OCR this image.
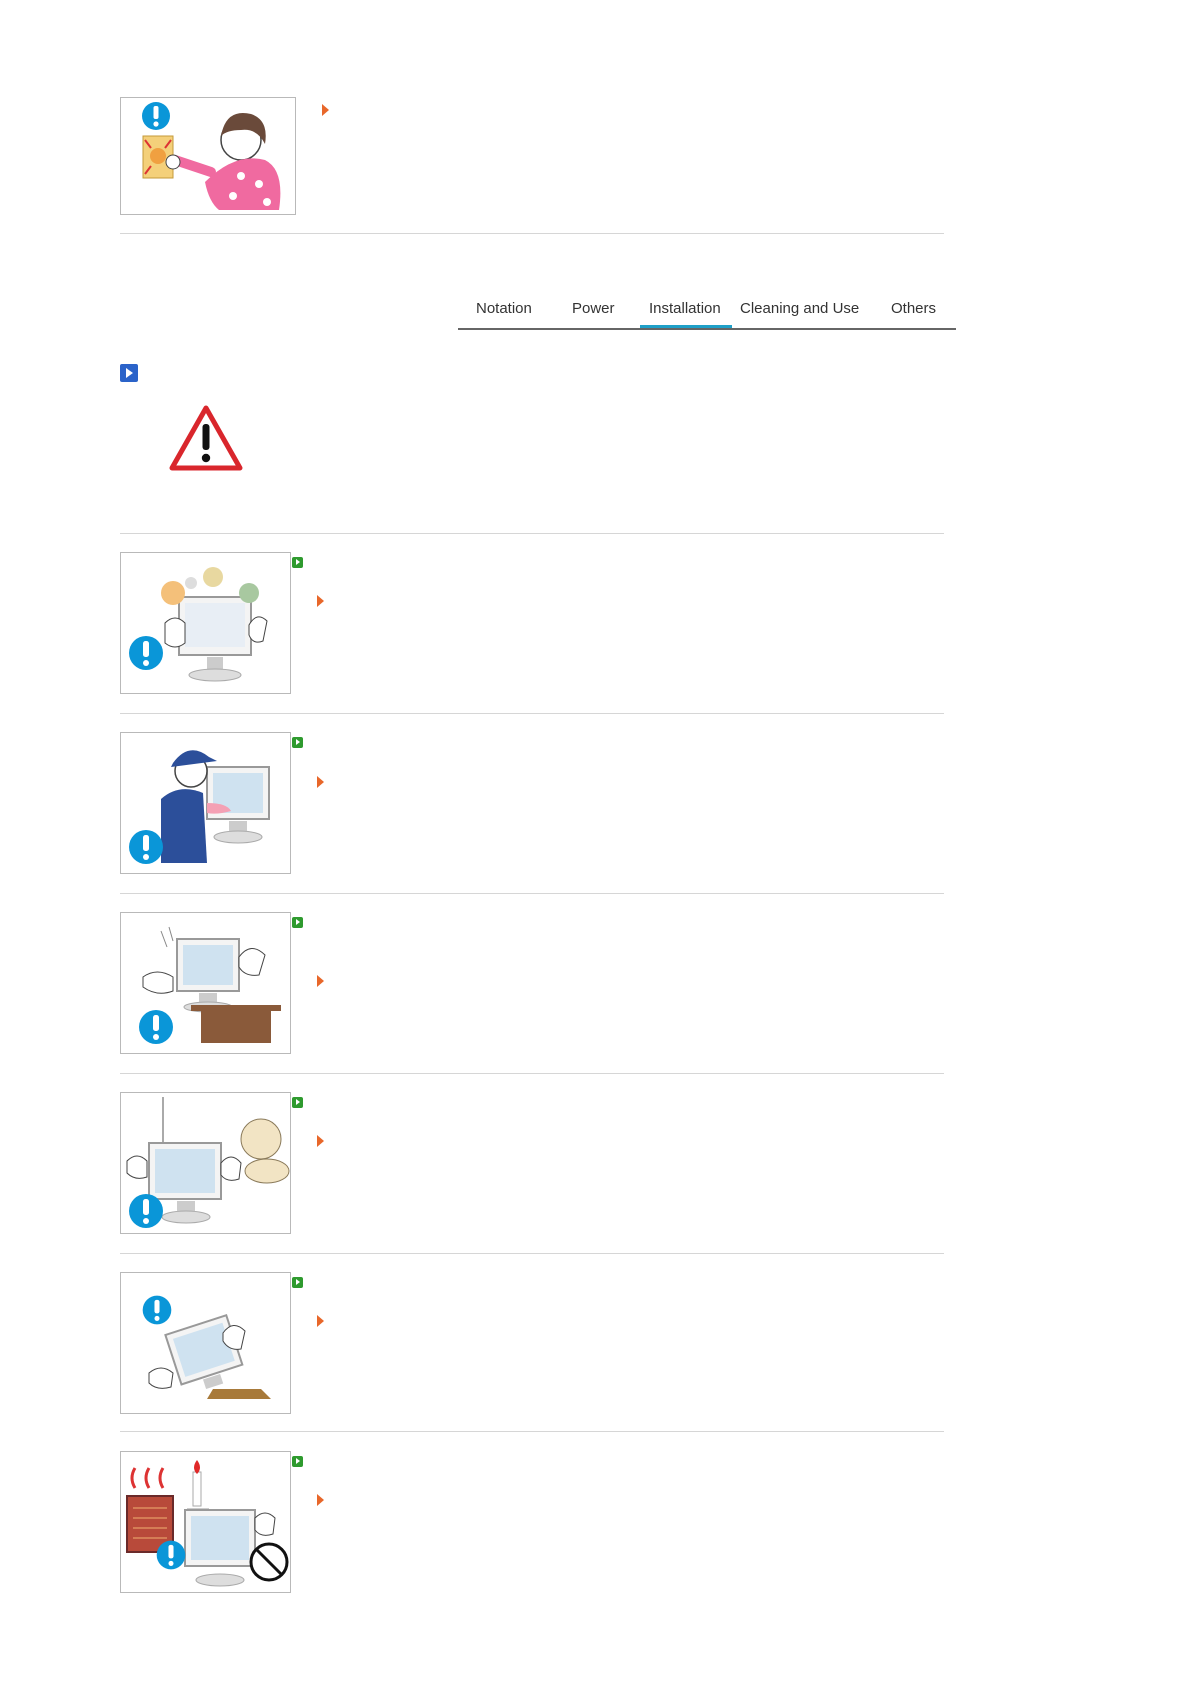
Notation	Power Installation Cleaning and Use Others
